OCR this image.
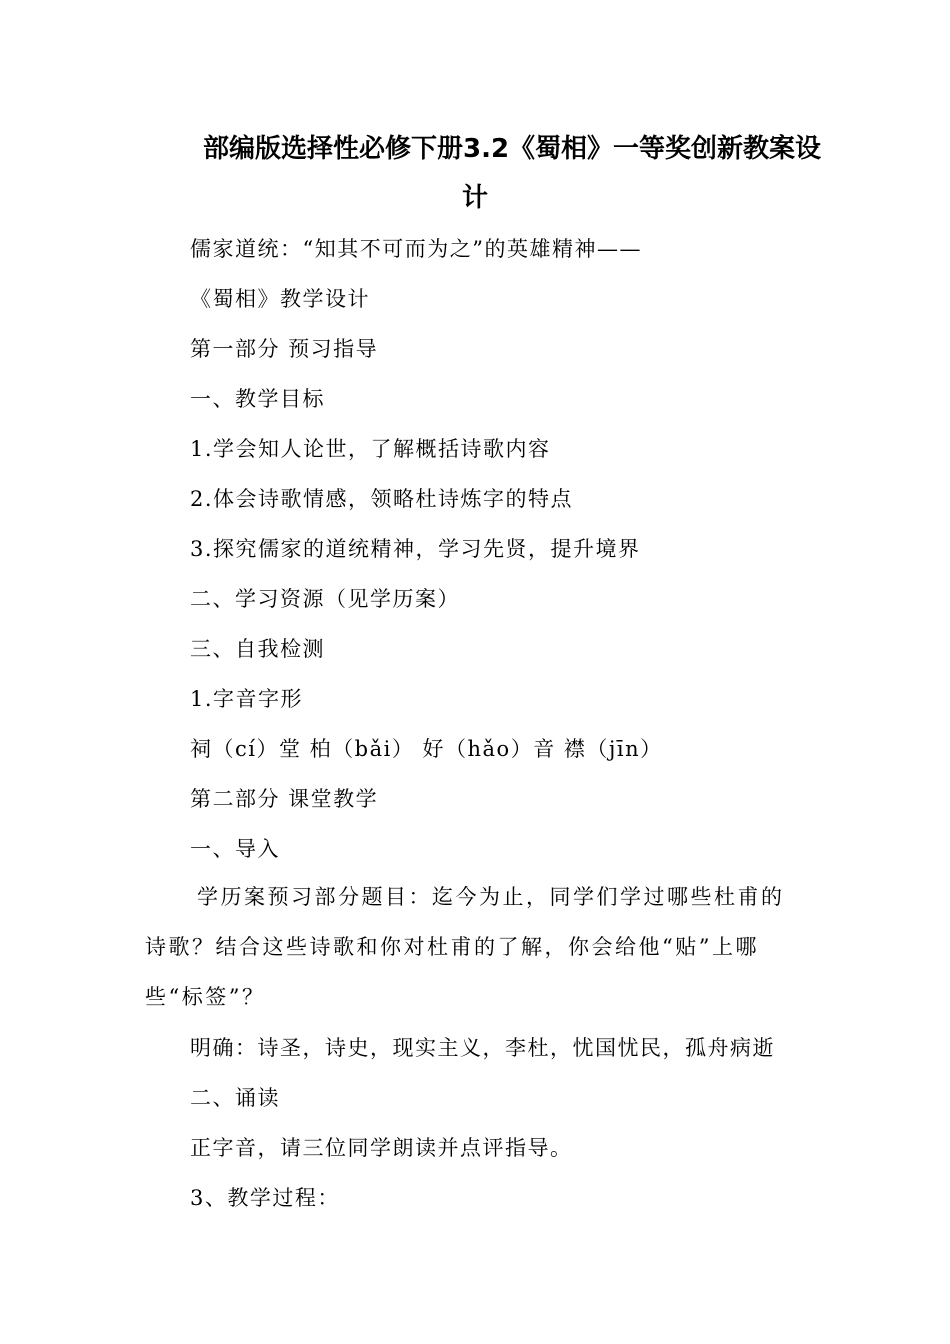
部编版选择性必修下册3.2《蜀相》一等奖创新教案设
计
儒家道统：“知其不可而为之”的英雄精神——
《蜀相》教学设计
第一部分 预习指导
一、教学目标
1.学会知人论世，了解概括诗歌内容
2.体会诗歌情感，领略杜诗炼字的特点
3.探究儒家的道统精神，学习先贤，提升境界
二、学习资源（见学历案）
三、自我检测
1.字音字形
祠（cí）堂 柏（bǎi） 好（hǎo）音 襟（jīn）
第二部分 课堂教学
一、导入
学历案预习部分题目：迄今为止，同学们学过哪些杜甫的诗歌？结合这些诗歌和你对杜甫的了解，你会给他“贴”上哪些“标签”？
明确：诗圣，诗史，现实主义，李杜，忧国忧民，孤舟病逝
二、诵读
正字音，请三位同学朗读并点评指导。
3、教学过程：
